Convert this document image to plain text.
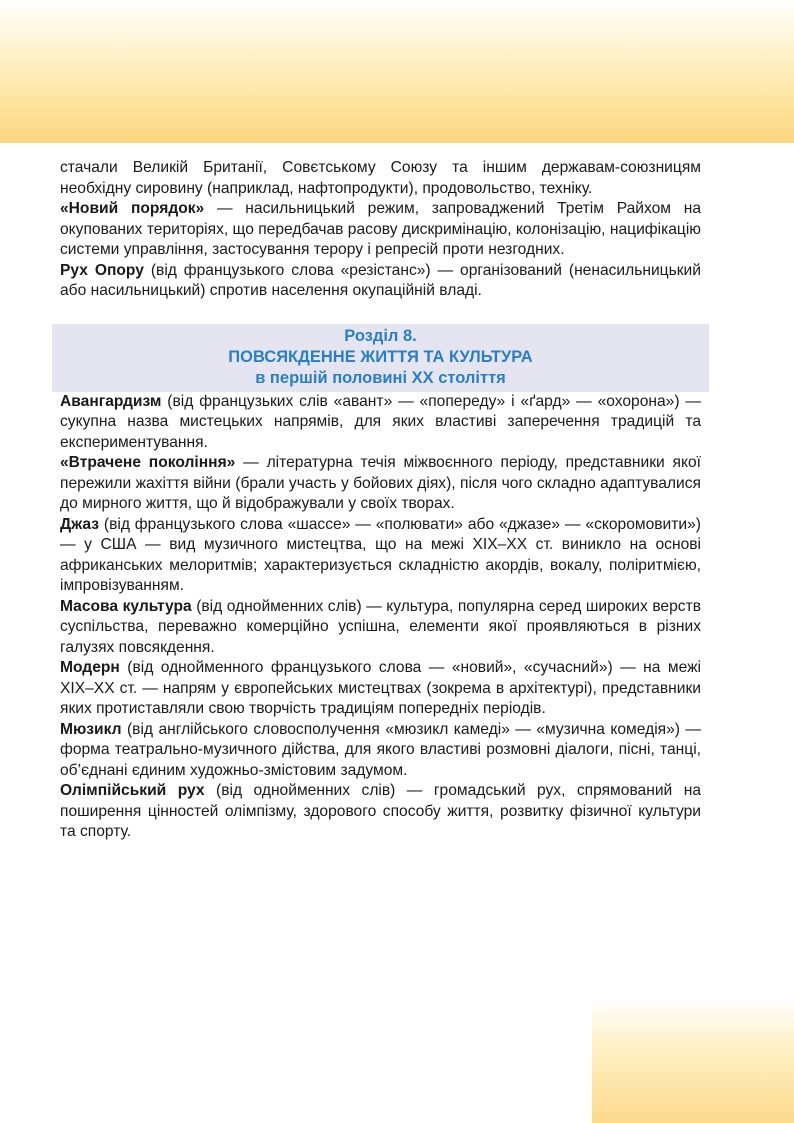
стачали Великій Британії, Совєтському Союзу та іншим державам-союзницям необхідну сировину (наприклад, нафтопродукти), продовольство, техніку.

«Новий порядок» — насильницький режим, запроваджений Третім Райхом на окупованих територіях, що передбачав расову дискримінацію, колонізацію, нацифікацію системи управління, застосування терору і репресій проти незгодних.

Рух Опору (від французького слова «резістанс») — організований (ненасильницький або насильницький) спротив населення окупаційній владі.

Розділ 8.
ПОВСЯКДЕННЕ ЖИТТЯ ТА КУЛЬТУРА
в першій половині ХХ століття

Авангардизм (від французьких слів «авант» — «попереду» і «ґард» — «охорона») — сукупна назва мистецьких напрямів, для яких властиві заперечення традицій та експериментування.

«Втрачене покоління» — літературна течія міжвоєнного періоду, представники якої пережили жахіття війни (брали участь у бойових діях), після чого складно адаптувалися до мирного життя, що й відображували у своїх творах.

Джаз (від французького слова «шассе» — «полювати» або «джазе» — «скоромовити») — у США — вид музичного мистецтва, що на межі ХІХ–ХХ ст. виникло на основі африканських мелоритмів; характеризується складністю акордів, вокалу, поліритмією, імпровізуванням.

Масова культура (від однойменних слів) — культура, популярна серед широких верств суспільства, переважно комерційно успішна, елементи якої проявляються в різних галузях повсякдення.

Модерн (від однойменного французького слова — «новий», «сучасний») — на межі ХІХ–ХХ ст. — напрям у європейських мистецтвах (зокрема в архітектурі), представники яких протиставляли свою творчість традиціям попередніх періодів.

Мюзикл (від англійського словосполучення «мюзикл камеді» — «музична комедія») — форма театрально-музичного дійства, для якого властиві розмовні діалоги, пісні, танці, об’єднані єдиним художньо-змістовим задумом.

Олімпійський рух (від однойменних слів) — громадський рух, спрямований на поширення цінностей олімпізму, здорового способу життя, розвитку фізичної культури та спорту.
